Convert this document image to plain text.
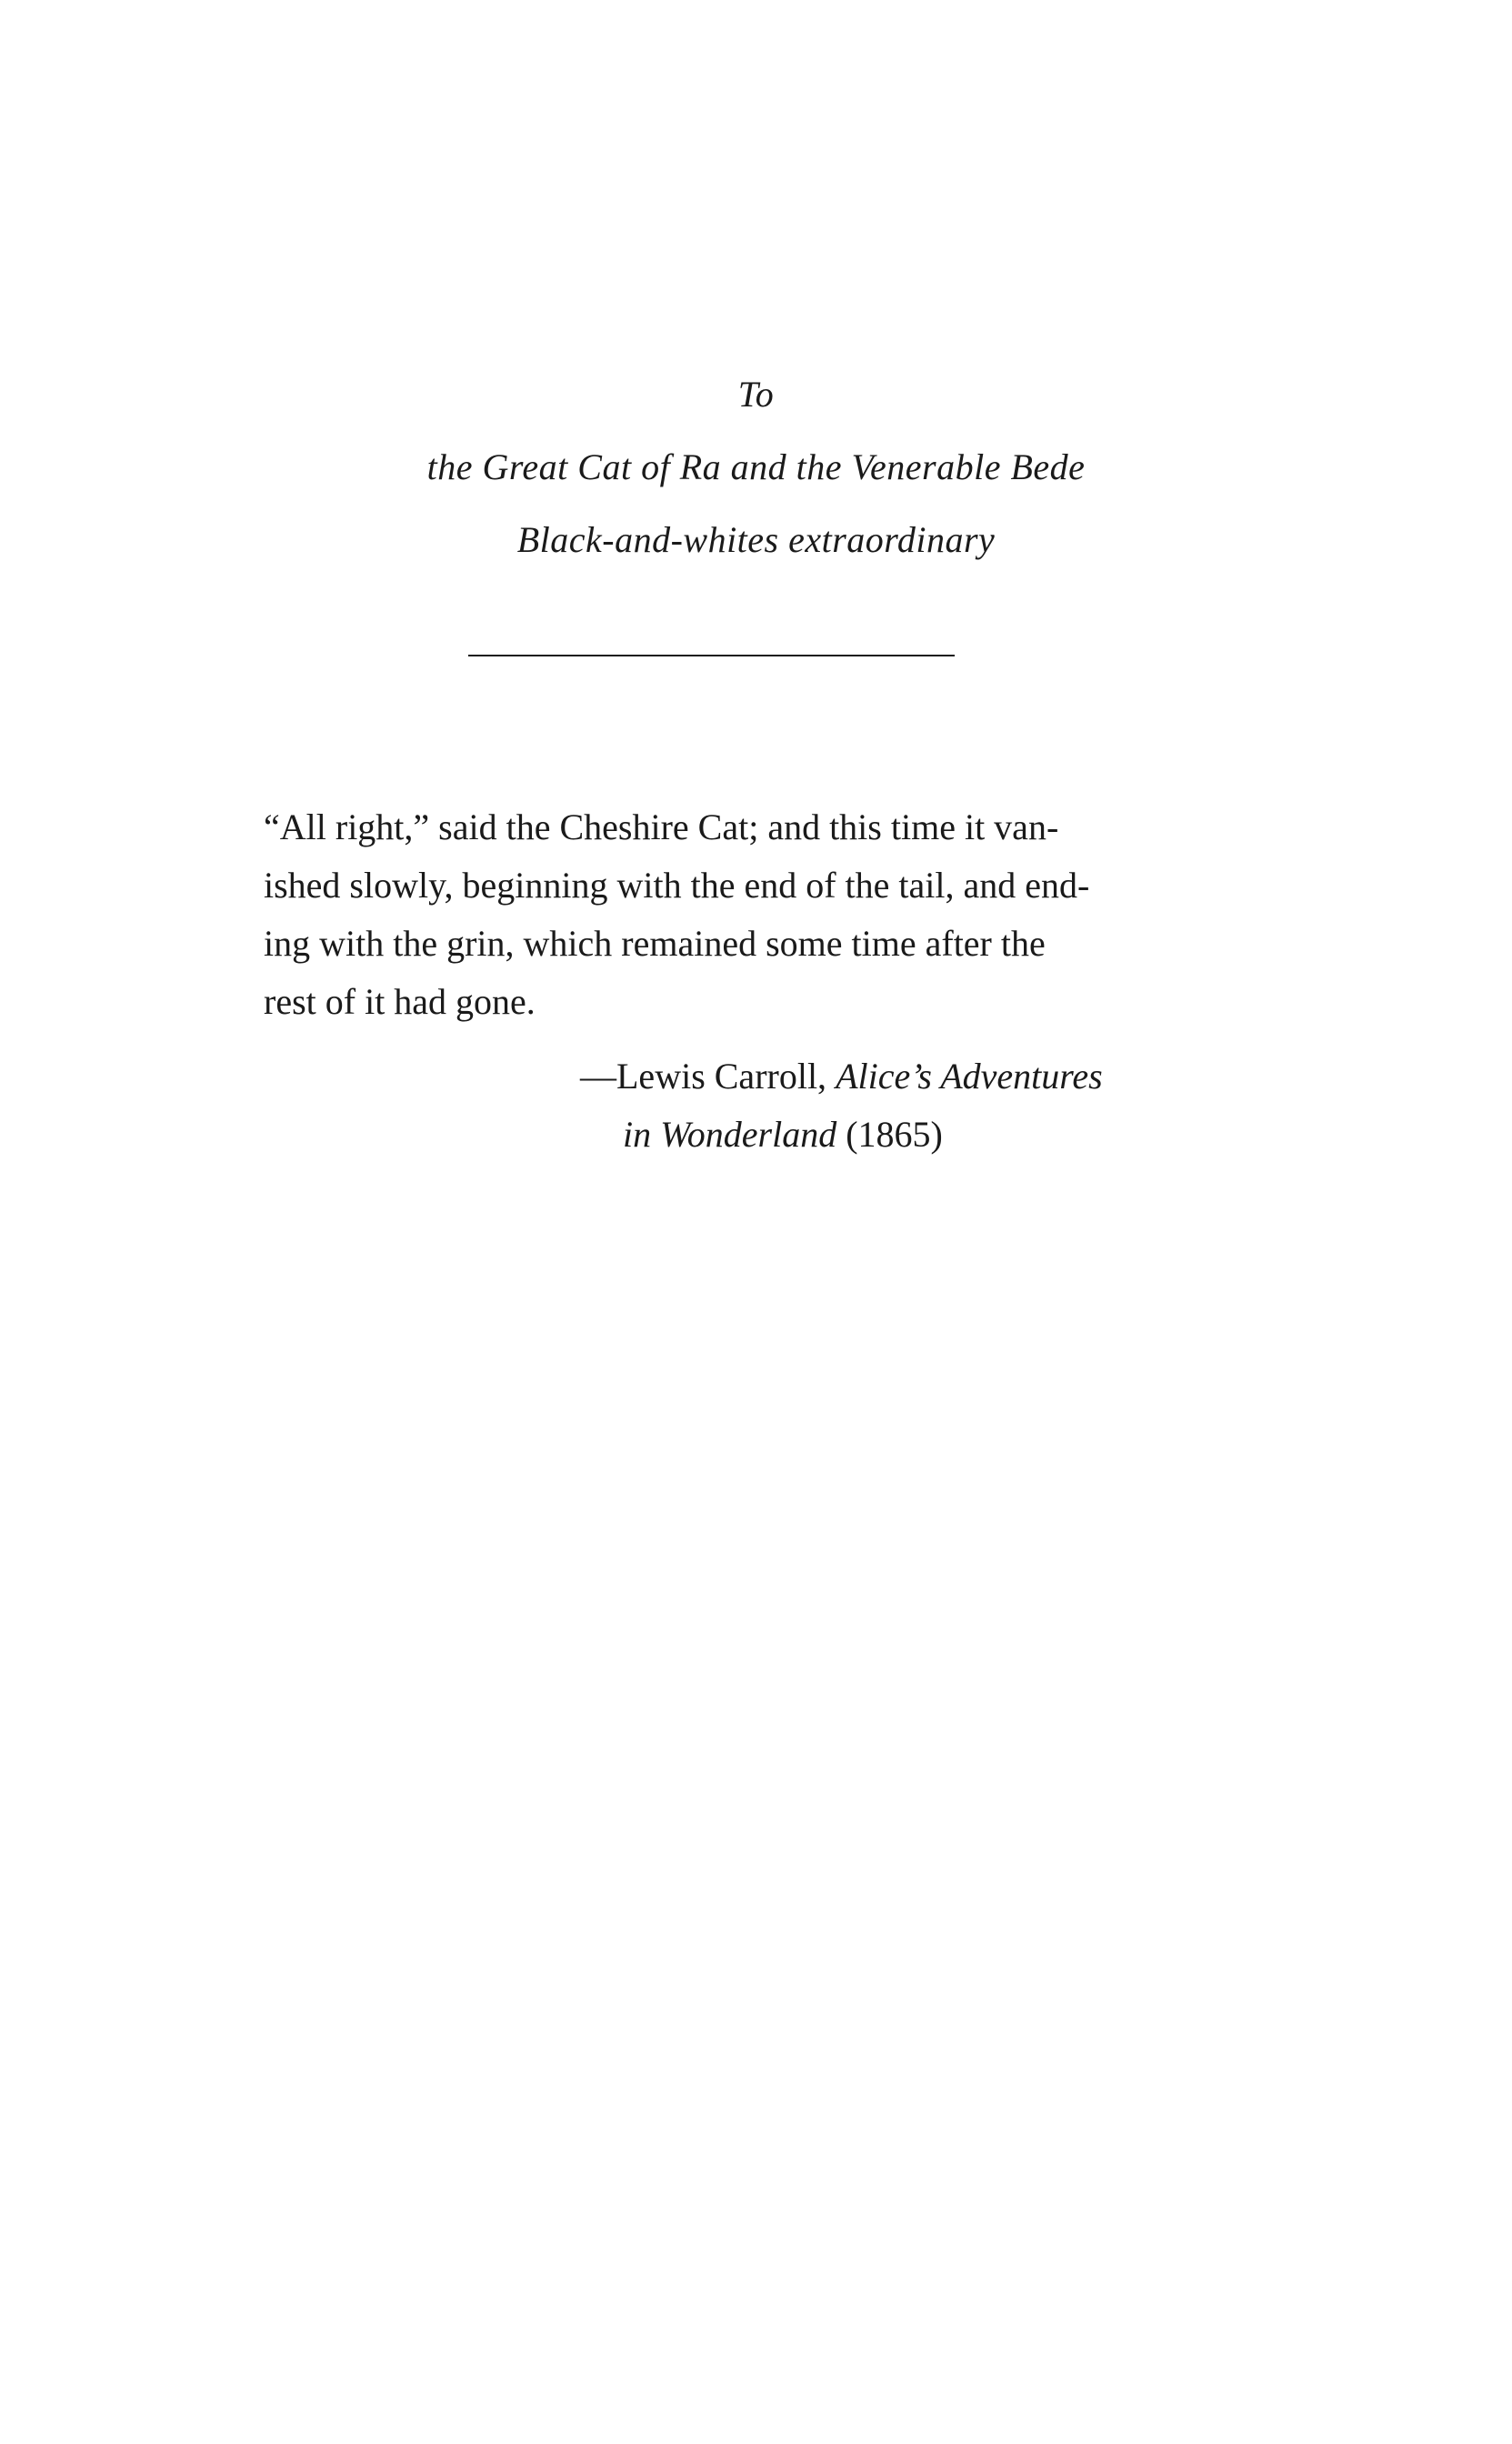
To
the Great Cat of Ra and the Venerable Bede
Black-and-whites extraordinary
“All right,” said the Cheshire Cat; and this time it van-
ished slowly, beginning with the end of the tail, and end-
ing with the grin, which remained some time after the
rest of it had gone.
—Lewis Carroll, Alice’s Adventures
in Wonderland (1865)
